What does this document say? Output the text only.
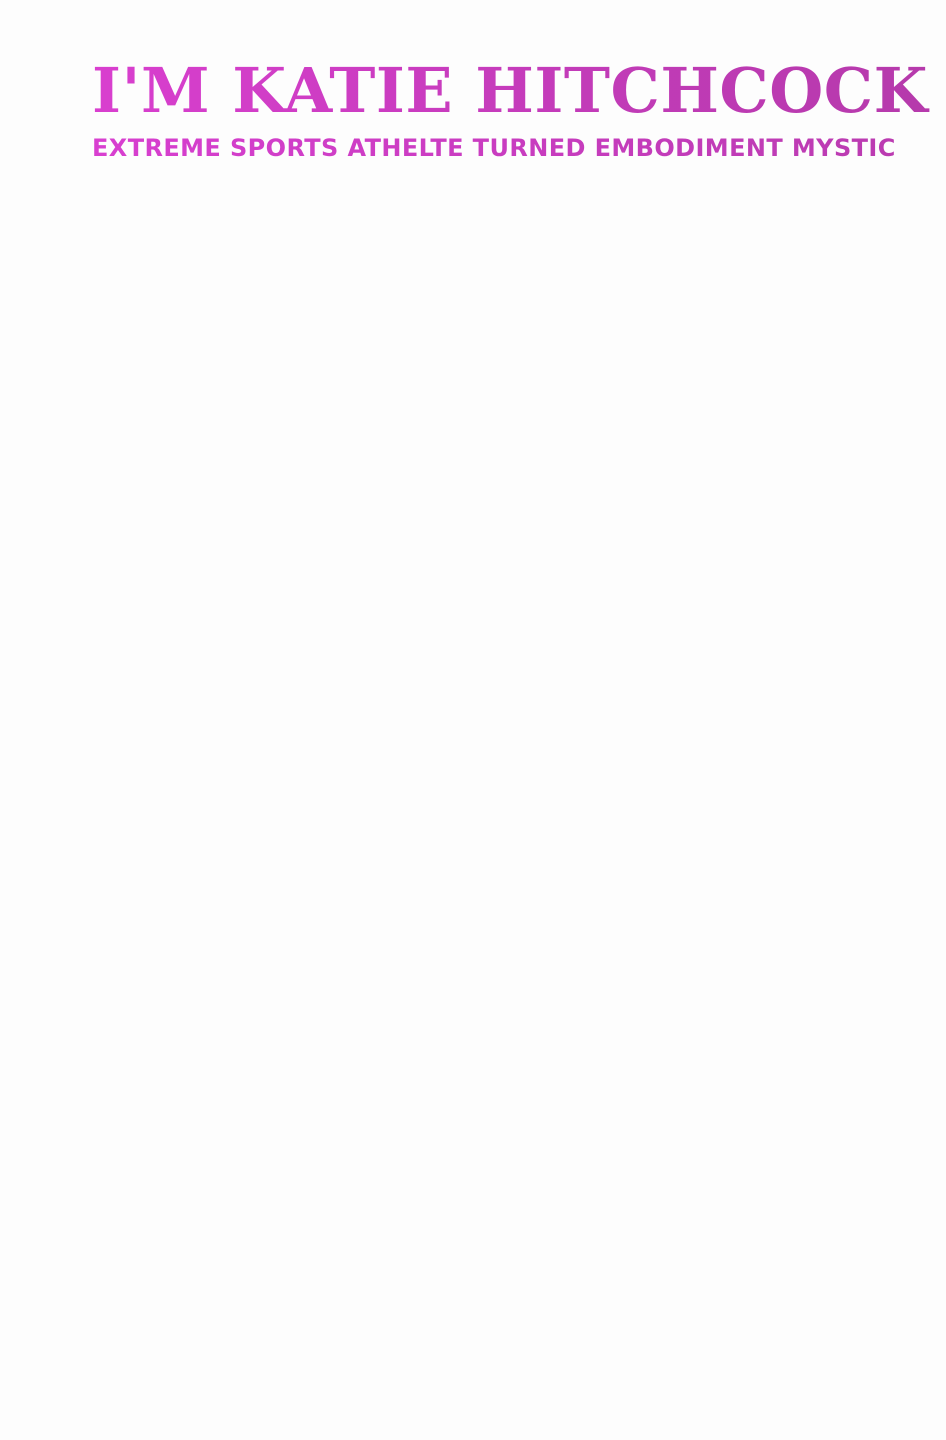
I'M KATIE HITCHCOCK
EXTREME SPORTS ATHELTE TURNED EMBODIMENT MYSTIC
